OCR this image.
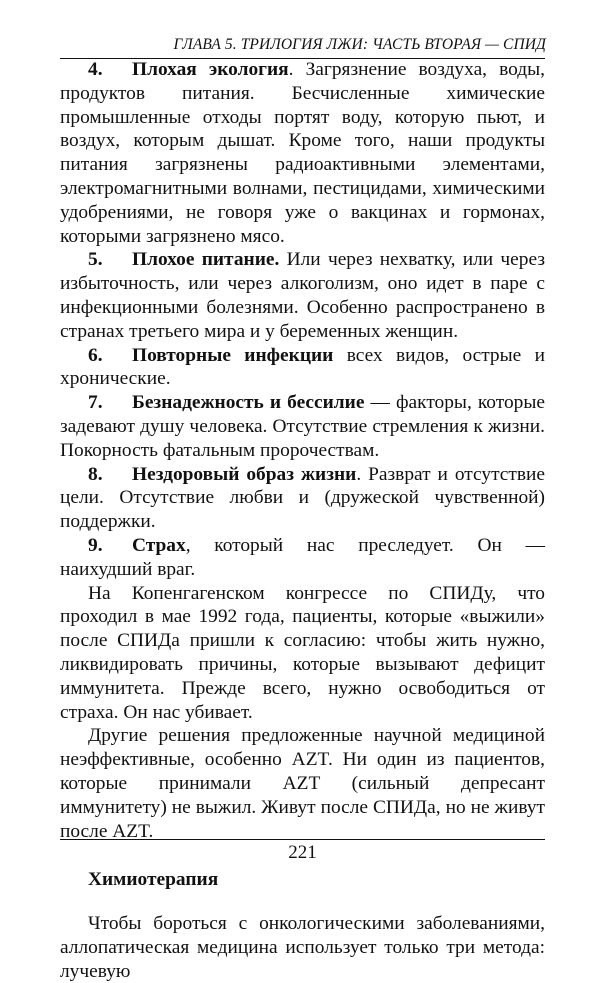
ГЛАВА 5. ТРИЛОГИЯ ЛЖИ: ЧАСТЬ ВТОРАЯ — СПИД

4. Плохая экология. Загрязнение воздуха, воды, продуктов питания. Бесчисленные химические промышленные отходы портят воду, которую пьют, и воздух, которым дышат. Кроме того, наши продукты питания загрязнены радиоактивными элементами, электромагнитными волнами, пестицидами, химическими удобрениями, не говоря уже о вакцинах и гормонах, которыми загрязнено мясо.

5. Плохое питание. Или через нехватку, или через избыточность, или через алкоголизм, оно идет в паре с инфекционными болезнями. Особенно распространено в странах третьего мира и у беременных женщин.

6. Повторные инфекции всех видов, острые и хронические.

7. Безнадежность и бессилие — факторы, которые задевают душу человека. Отсутствие стремления к жизни. Покорность фатальным пророчествам.

8. Нездоровый образ жизни. Разврат и отсутствие цели. Отсутствие любви и (дружеской чувственной) поддержки.

9. Страх, который нас преследует. Он — наихудший враг.

На Копенгагенском конгрессе по СПИДу, что проходил в мае 1992 года, пациенты, которые «выжили» после СПИДа пришли к согласию: чтобы жить нужно, ликвидировать причины, которые вызывают дефицит иммунитета. Прежде всего, нужно освободиться от страха. Он нас убивает.

Другие решения предложенные научной медициной неэффективные, особенно AZT. Ни один из пациентов, которые принимали AZT (сильный депресант иммунитету) не выжил. Живут после СПИДа, но не живут после AZT.

Химиотерапия

Чтобы бороться с онкологическими заболеваниями, аллопатическая медицина использует только три метода: лучевую

221
